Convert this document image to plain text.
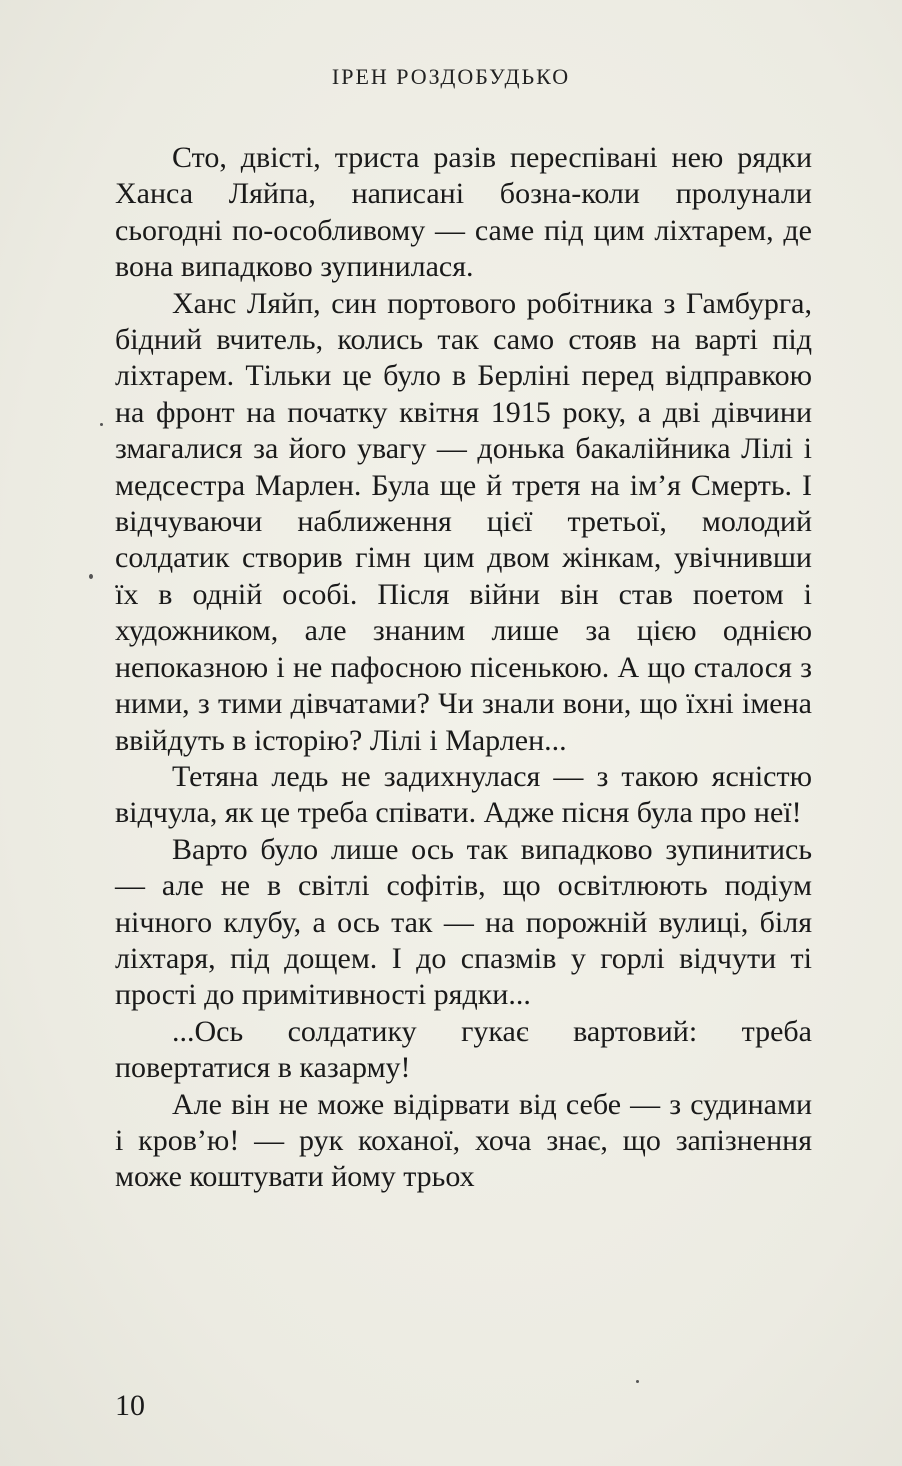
ІРЕН РОЗДОБУДЬКО

Сто, двісті, триста разів переспівані нею рядки Ханса Ляйпа, написані бозна-коли пролунали сьогодні по-особливому — саме під цим ліхтарем, де вона випадково зупинилася.

Ханс Ляйп, син портового робітника з Гамбурга, бідний вчитель, колись так само стояв на варті під ліхтарем. Тільки це було в Берліні перед відправкою на фронт на початку квітня 1915 року, а дві дівчини змагалися за його увагу — донька бакалійника Лілі і медсестра Марлен. Була ще й третя на ім’я Смерть. І відчуваючи наближення цієї третьої, молодий солдатик створив гімн цим двом жінкам, увічнивши їх в одній особі. Після війни він став поетом і художником, але знаним лише за цією однією непоказною і не пафосною пісенькою. А що сталося з ними, з тими дівчатами? Чи знали вони, що їхні імена ввійдуть в історію? Лілі і Марлен...

Тетяна ледь не задихнулася — з такою ясністю відчула, як це треба співати. Адже пісня була про неї!

Варто було лише ось так випадково зупинитись — але не в світлі софітів, що освітлюють подіум нічного клубу, а ось так — на порожній вулиці, біля ліхтаря, під дощем. І до спазмів у горлі відчути ті прості до примітивності рядки...

...Ось солдатику гукає вартовий: треба повертатися в казарму!

Але він не може відірвати від себе — з судинами і кров’ю! — рук коханої, хоча знає, що запізнення може коштувати йому трьох

10
